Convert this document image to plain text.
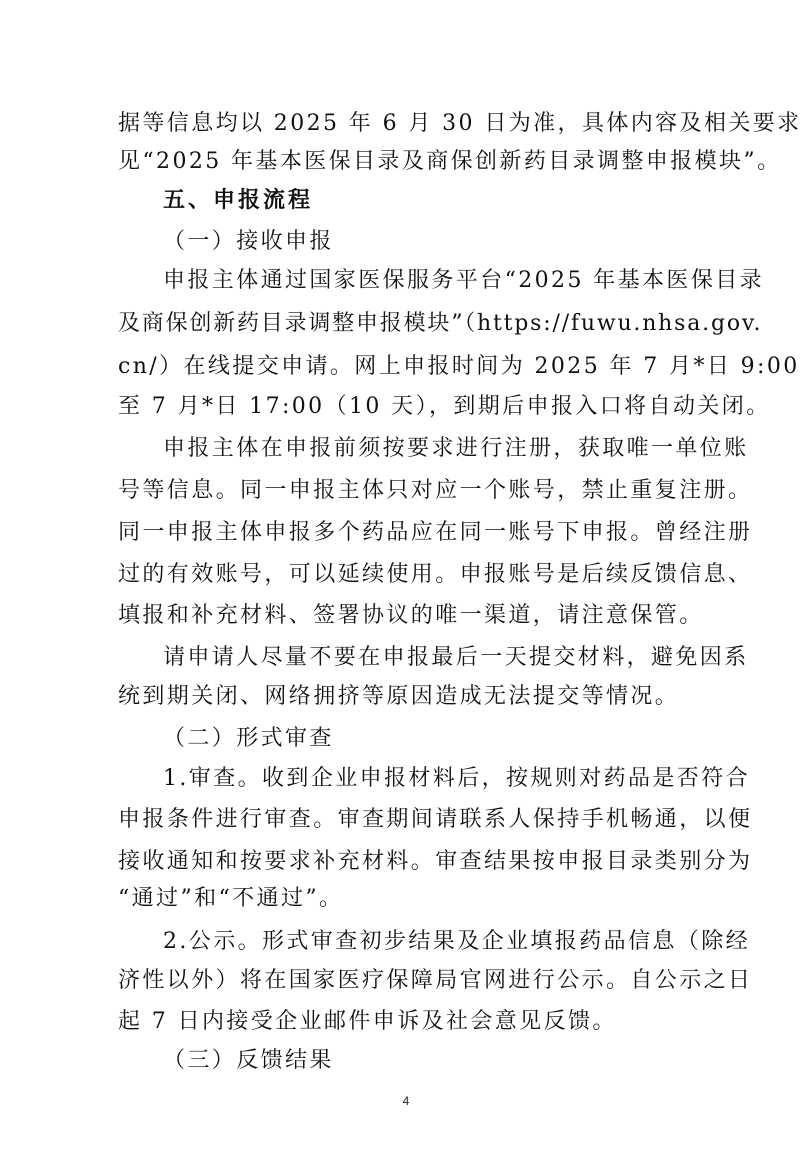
据等信息均以 2025 年 6 月 30 日为准，具体内容及相关要求
见“2025 年基本医保目录及商保创新药目录调整申报模块”。
五、申报流程
（一）接收申报
申报主体通过国家医保服务平台“2025 年基本医保目录
及商保创新药目录调整申报模块”（https://fuwu.nhsa.gov.
cn/）在线提交申请。网上申报时间为 2025 年 7 月*日 9:00
至 7 月*日 17:00（10 天），到期后申报入口将自动关闭。
申报主体在申报前须按要求进行注册，获取唯一单位账
号等信息。同一申报主体只对应一个账号，禁止重复注册。
同一申报主体申报多个药品应在同一账号下申报。曾经注册
过的有效账号，可以延续使用。申报账号是后续反馈信息、
填报和补充材料、签署协议的唯一渠道，请注意保管。
请申请人尽量不要在申报最后一天提交材料，避免因系
统到期关闭、网络拥挤等原因造成无法提交等情况。
（二）形式审查
1.审查。收到企业申报材料后，按规则对药品是否符合
申报条件进行审查。审查期间请联系人保持手机畅通，以便
接收通知和按要求补充材料。审查结果按申报目录类别分为
“通过”和“不通过”。
2.公示。形式审查初步结果及企业填报药品信息（除经
济性以外）将在国家医疗保障局官网进行公示。自公示之日
起 7 日内接受企业邮件申诉及社会意见反馈。
（三）反馈结果
4
